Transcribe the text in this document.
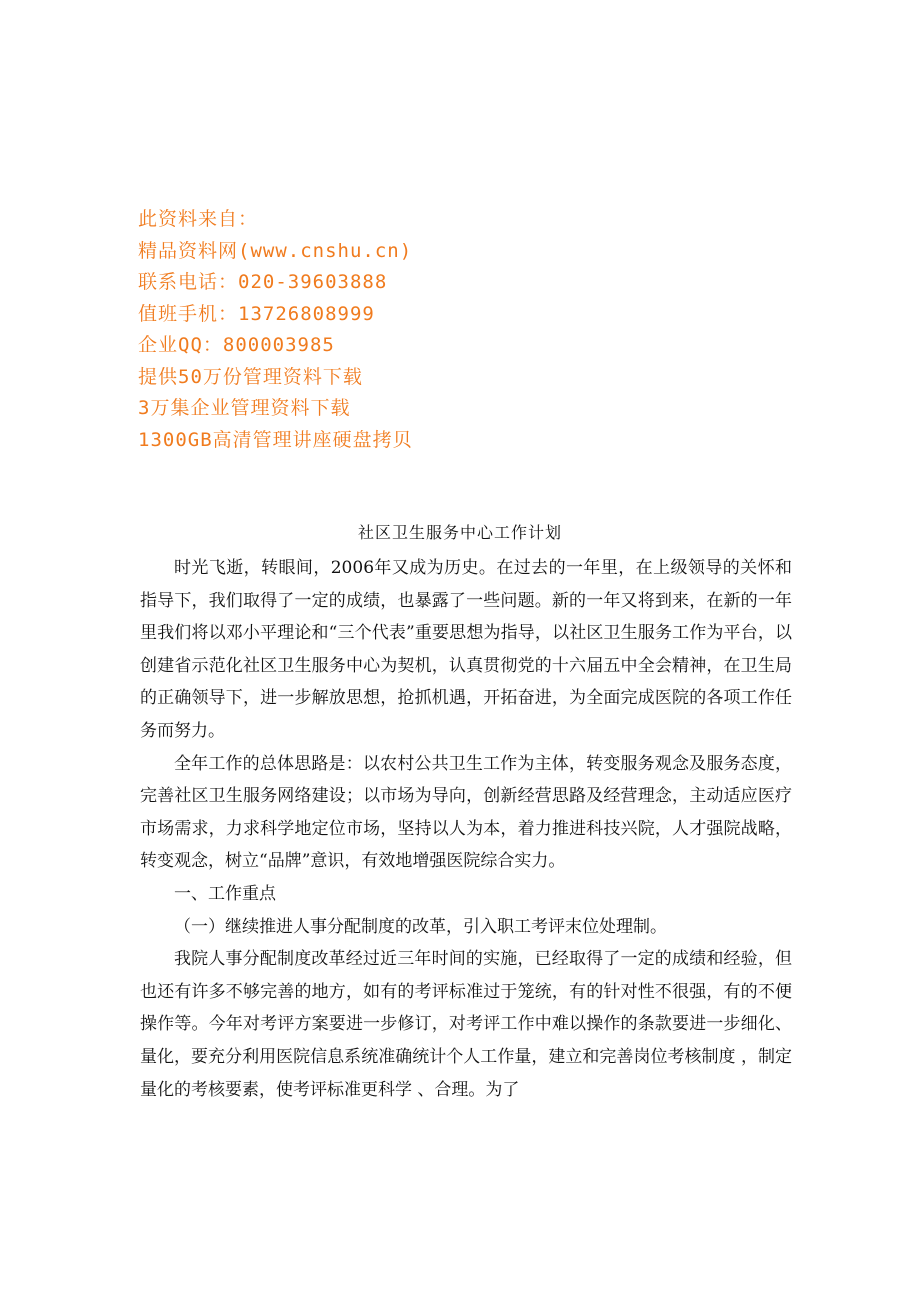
此资料来自：
精品资料网(www.cnshu.cn)
联系电话：020-39603888
值班手机：13726808999
企业QQ：800003985
提供50万份管理资料下载
3万集企业管理资料下载
1300GB高清管理讲座硬盘拷贝
社区卫生服务中心工作计划

时光飞逝，转眼间，2006年又成为历史。在过去的一年里，在上级领导的关怀和指导下，我们取得了一定的成绩，也暴露了一些问题。新的一年又将到来，在新的一年里我们将以邓小平理论和“三个代表”重要思想为指导，以社区卫生服务工作为平台，以创建省示范化社区卫生服务中心为契机，认真贯彻党的十六届五中全会精神，在卫生局的正确领导下，进一步解放思想，抢抓机遇，开拓奋进，为全面完成医院的各项工作任务而努力。

全年工作的总体思路是：以农村公共卫生工作为主体，转变服务观念及服务态度，完善社区卫生服务网络建设；以市场为导向，创新经营思路及经营理念，主动适应医疗市场需求，力求科学地定位市场，坚持以人为本，着力推进科技兴院，人才强院战略，转变观念，树立“品牌”意识，有效地增强医院综合实力。

一、工作重点

（一）继续推进人事分配制度的改革，引入职工考评末位处理制。

我院人事分配制度改革经过近三年时间的实施，已经取得了一定的成绩和经验，但也还有许多不够完善的地方，如有的考评标准过于笼统，有的针对性不很强，有的不便操作等。今年对考评方案要进一步修订，对考评工作中难以操作的条款要进一步细化、量化，要充分利用医院信息系统准确统计个人工作量，建立和完善岗位考核制度 ，制定量化的考核要素，使考评标准更科学 、合理。为了
